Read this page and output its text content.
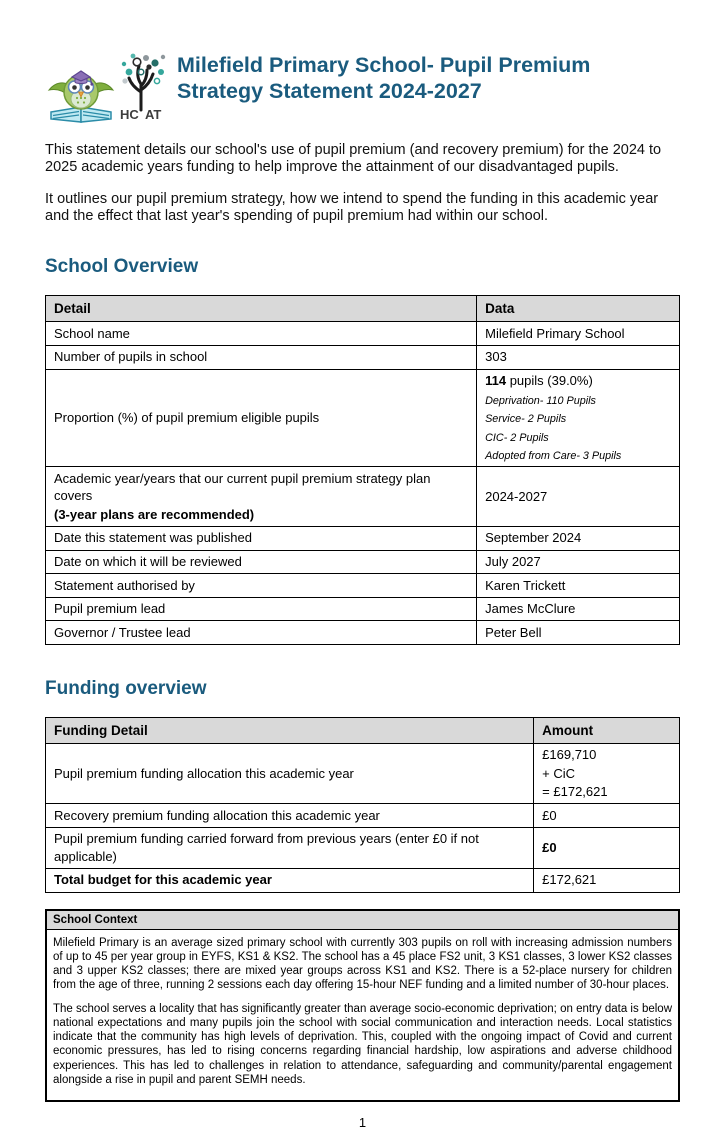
HC AT
Milefield Primary School- Pupil Premium Strategy Statement 2024-2027

This statement details our school's use of pupil premium (and recovery premium) for the 2024 to 2025 academic years funding to help improve the attainment of our disadvantaged pupils.

It outlines our pupil premium strategy, how we intend to spend the funding in this academic year and the effect that last year's spending of pupil premium had within our school.

School Overview
Detail	Data

School name	Milefield Primary School

Number of pupils in school	303

Proportion (%) of pupil premium eligible pupils	114 pupils (39.0%)
Deprivation- 110 Pupils
Service- 2 Pupils
CIC- 2 Pupils
Adopted from Care- 3 Pupils

Academic year/years that our current pupil premium strategy plan covers
(3-year plans are recommended)	2024-2027

Date this statement was published	September 2024

Date on which it will be reviewed	July 2027

Statement authorised by	Karen Trickett

Pupil premium lead	James McClure

Governor / Trustee lead	Peter Bell
Funding overview
Funding Detail	Amount

Pupil premium funding allocation this academic year	£169,710
+ CiC
= £172,621

Recovery premium funding allocation this academic year	£0

Pupil premium funding carried forward from previous years (enter £0 if not applicable)	£0

Total budget for this academic year	£172,621
School Context

Milefield Primary is an average sized primary school with currently 303 pupils on roll with increasing admission numbers of up to 45 per year group in EYFS, KS1 & KS2. The school has a 45 place FS2 unit, 3 KS1 classes, 3 lower KS2 classes and 3 upper KS2 classes; there are mixed year groups across KS1 and KS2. There is a 52-place nursery for children from the age of three, running 2 sessions each day offering 15-hour NEF funding and a limited number of 30-hour places.

The school serves a locality that has significantly greater than average socio-economic deprivation; on entry data is below national expectations and many pupils join the school with social communication and interaction needs. Local statistics indicate that the community has high levels of deprivation. This, coupled with the ongoing impact of Covid and current economic pressures, has led to rising concerns regarding financial hardship, low aspirations and adverse childhood experiences. This has led to challenges in relation to attendance, safeguarding and community/parental engagement alongside a rise in pupil and parent SEMH needs.

1
